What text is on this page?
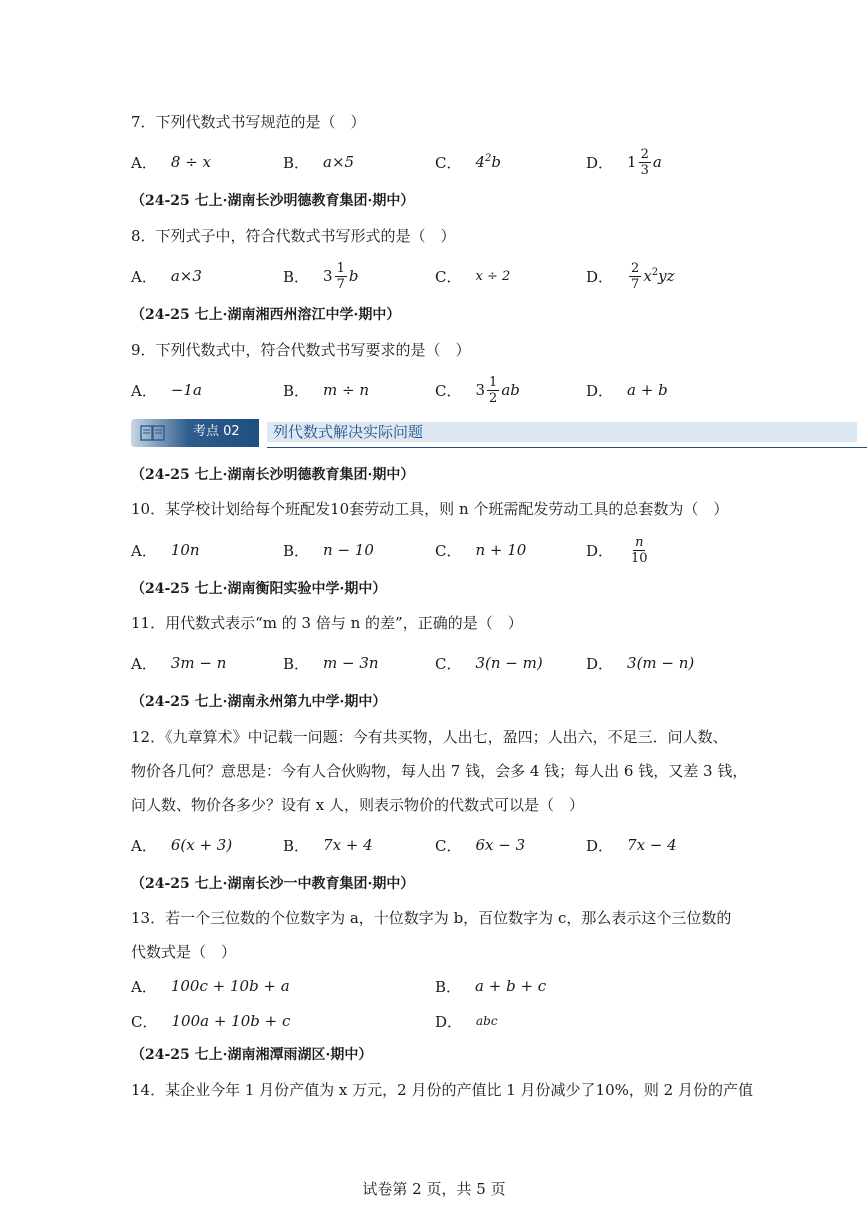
7．下列代数式书写规范的是（　）
A． 8 ÷ x	B． a×5	C． $4^2b$	D． $1 \frac{2}{3}$ a
（24-25 七上·湖南长沙明德教育集团·期中）
8．下列式子中，符合代数式书写形式的是（　）
A． a×3	B． $3 \frac{1}{7}$ b	C． x ÷ 2	D． $\frac{2}{7} x^2yz$
（24-25 七上·湖南湘西州溶江中学·期中）
9．下列代数式中，符合代数式书写要求的是（　）
A． −1a	B． m ÷ n	C． $3 \frac{1}{2}$ ab	D． a + b
考点 02 列代数式解决实际问题
（24-25 七上·湖南长沙明德教育集团·期中）
10．某学校计划给每个班配发10套劳动工具，则 n 个班需配发劳动工具的总套数为（　）
A． 10n	B． n − 10	C． n + 10	D． $\frac{n}{10}$
（24-25 七上·湖南衡阳实验中学·期中）
11．用代数式表示“m 的 3 倍与 n 的差”，正确的是（　）
A． 3m − n	B． m − 3n	C． 3(n − m)	D． 3(m − n)
（24-25 七上·湖南永州第九中学·期中）
12．《九章算术》中记载一问题：今有共买物，人出七，盈四；人出六，不足三．问人数、
物价各几何？意思是：今有人合伙购物，每人出 7 钱，会多 4 钱；每人出 6 钱，又差 3 钱，
问人数、物价各多少？设有 x 人，则表示物价的代数式可以是（　）
A． 6(x + 3)	B． 7x + 4	C． 6x − 3	D． 7x − 4
（24-25 七上·湖南长沙一中教育集团·期中）
13．若一个三位数的个位数字为 a，十位数字为 b，百位数字为 c，那么表示这个三位数的
代数式是（　）
A． 100c + 10b + a	B． a + b + c
C． 100a + 10b + c	D． abc
（24-25 七上·湖南湘潭雨湖区·期中）
14．某企业今年 1 月份产值为 x 万元，2 月份的产值比 1 月份减少了10%，则 2 月份的产值
试卷第 2 页，共 5 页
